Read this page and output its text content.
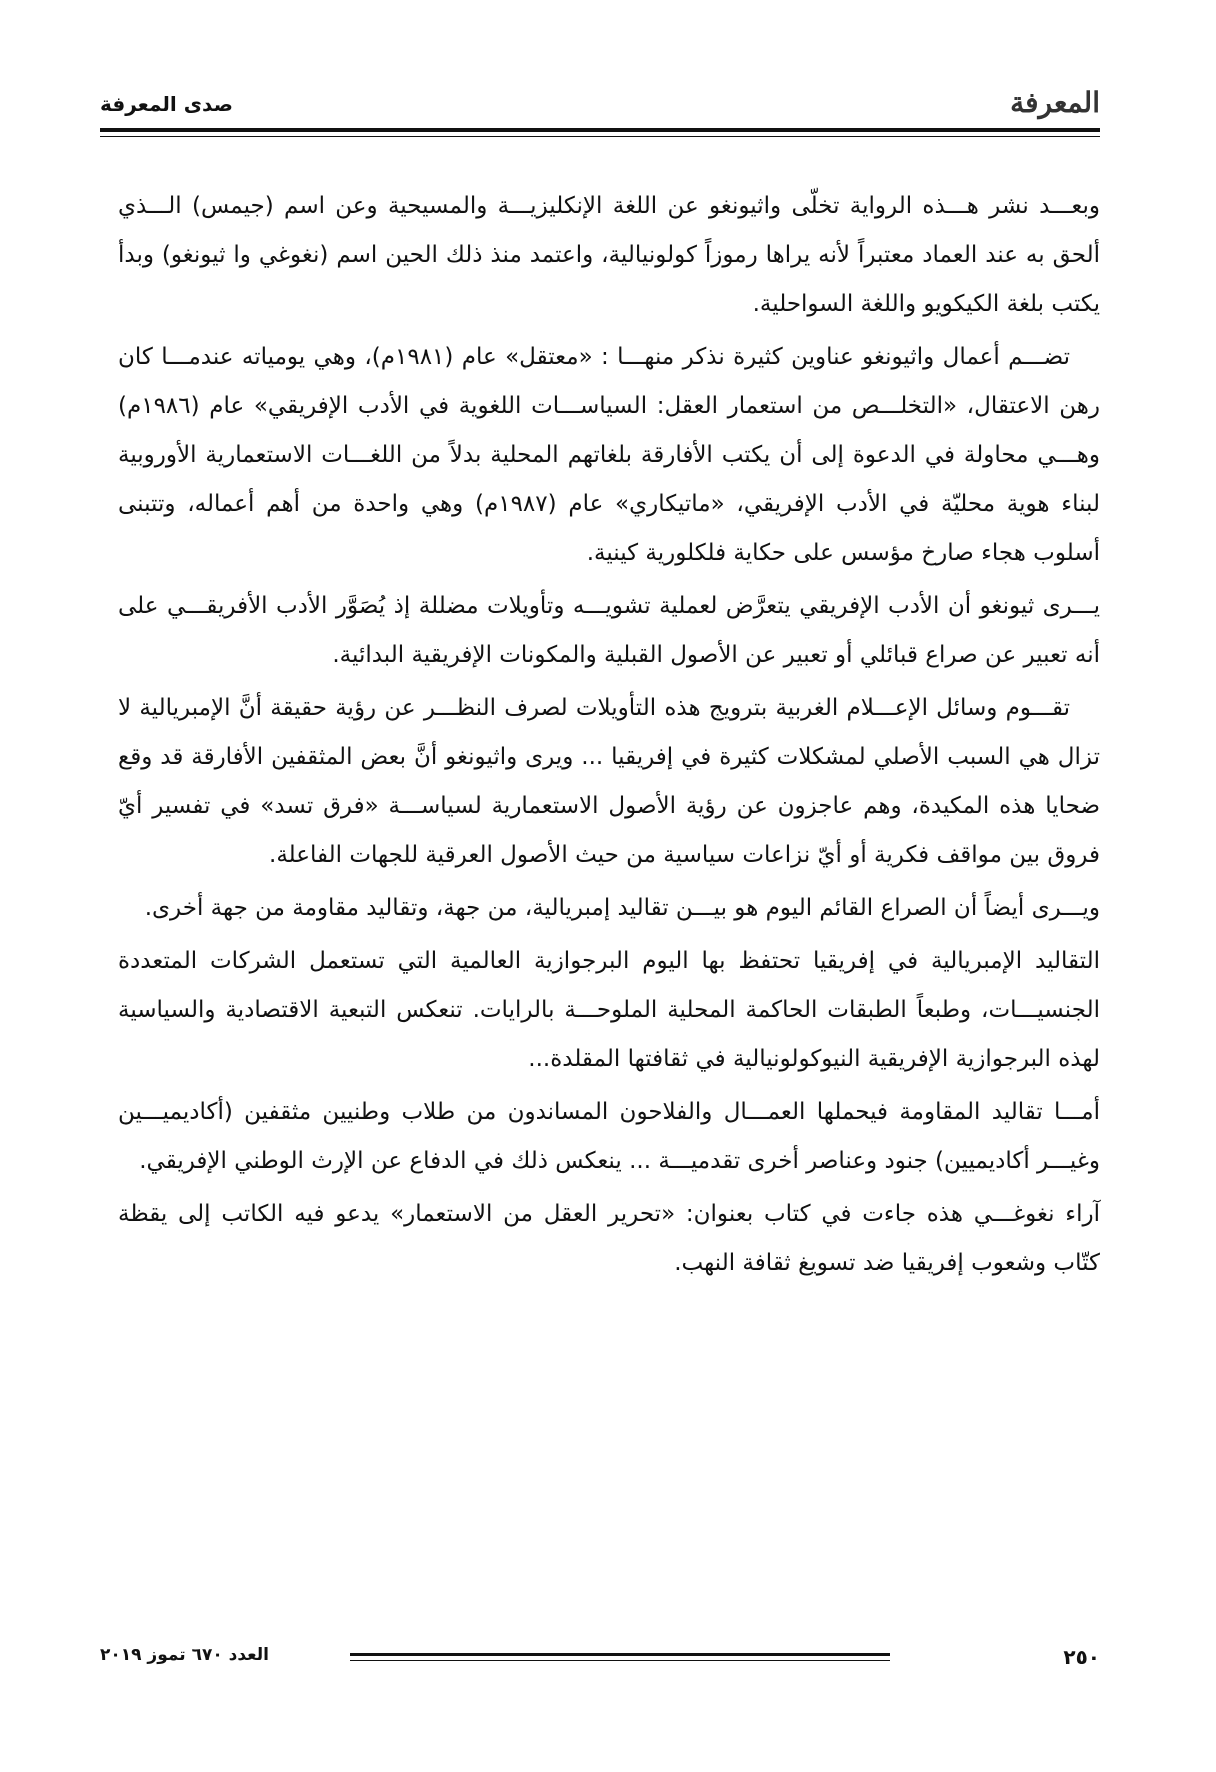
المعرفة
صدى المعرفة

وبعـــد نشر هـــذه الرواية تخلّى واثيونغو عن اللغة الإنكليزيـــة والمسيحية وعن اسم (جيمس) الـــذي ألحق به عند العماد معتبراً لأنه يراها رموزاً كولونيالية، واعتمد منذ ذلك الحين اسم (نغوغي وا ثيونغو) وبدأ يكتب بلغة الكيكويو واللغة السواحلية.

تضـــم أعمال واثيونغو عناوين كثيرة نذكر منهـــا : «معتقل» عام (١٩٨١م)، وهي يومياته عندمـــا كان رهن الاعتقال، «التخلـــص من استعمار العقل: السياســـات اللغوية في الأدب الإفريقي» عام (١٩٨٦م) وهـــي محاولة في الدعوة إلى أن يكتب الأفارقة بلغاتهم المحلية بدلاً من اللغـــات الاستعمارية الأوروبية لبناء هوية محليّة في الأدب الإفريقي، «ماتيكاري» عام (١٩٨٧م) وهي واحدة من أهم أعماله، وتتبنى أسلوب هجاء صارخ مؤسس على حكاية فلكلورية كينية.

يـــرى ثيونغو أن الأدب الإفريقي يتعرَّض لعملية تشويـــه وتأويلات مضللة إذ يُصَوَّر الأدب الأفريقـــي على أنه تعبير عن صراع قبائلي أو تعبير عن الأصول القبلية والمكونات الإفريقية البدائية.

تقـــوم وسائل الإعـــلام الغربية بترويج هذه التأويلات لصرف النظـــر عن رؤية حقيقة أنَّ الإمبريالية لا تزال هي السبب الأصلي لمشكلات كثيرة في إفريقيا ... ويرى واثيونغو أنَّ بعض المثقفين الأفارقة قد وقع ضحايا هذه المكيدة، وهم عاجزون عن رؤية الأصول الاستعمارية لسياســـة «فرق تسد» في تفسير أيّ فروق بين مواقف فكرية أو أيّ نزاعات سياسية من حيث الأصول العرقية للجهات الفاعلة.

ويـــرى أيضاً أن الصراع القائم اليوم هو بيـــن تقاليد إمبريالية، من جهة، وتقاليد مقاومة من جهة أخرى.

التقاليد الإمبريالية في إفريقيا تحتفظ بها اليوم البرجوازية العالمية التي تستعمل الشركات المتعددة الجنسيـــات، وطبعاً الطبقات الحاكمة المحلية الملوحـــة بالرايات. تنعكس التبعية الاقتصادية والسياسية لهذه البرجوازية الإفريقية النيوكولونيالية في ثقافتها المقلدة...

أمـــا تقاليد المقاومة فيحملها العمـــال والفلاحون المساندون من طلاب وطنيين مثقفين (أكاديميـــين وغيـــر أكاديميين) جنود وعناصر أخرى تقدميـــة ... ينعكس ذلك في الدفاع عن الإرث الوطني الإفريقي.

آراء نغوغـــي هذه جاءت في كتاب بعنوان: «تحرير العقل من الاستعمار» يدعو فيه الكاتب إلى يقظة كتّاب وشعوب إفريقيا ضد تسويغ ثقافة النهب.

٢٥٠
العدد ٦٧٠ تموز ٢٠١٩
